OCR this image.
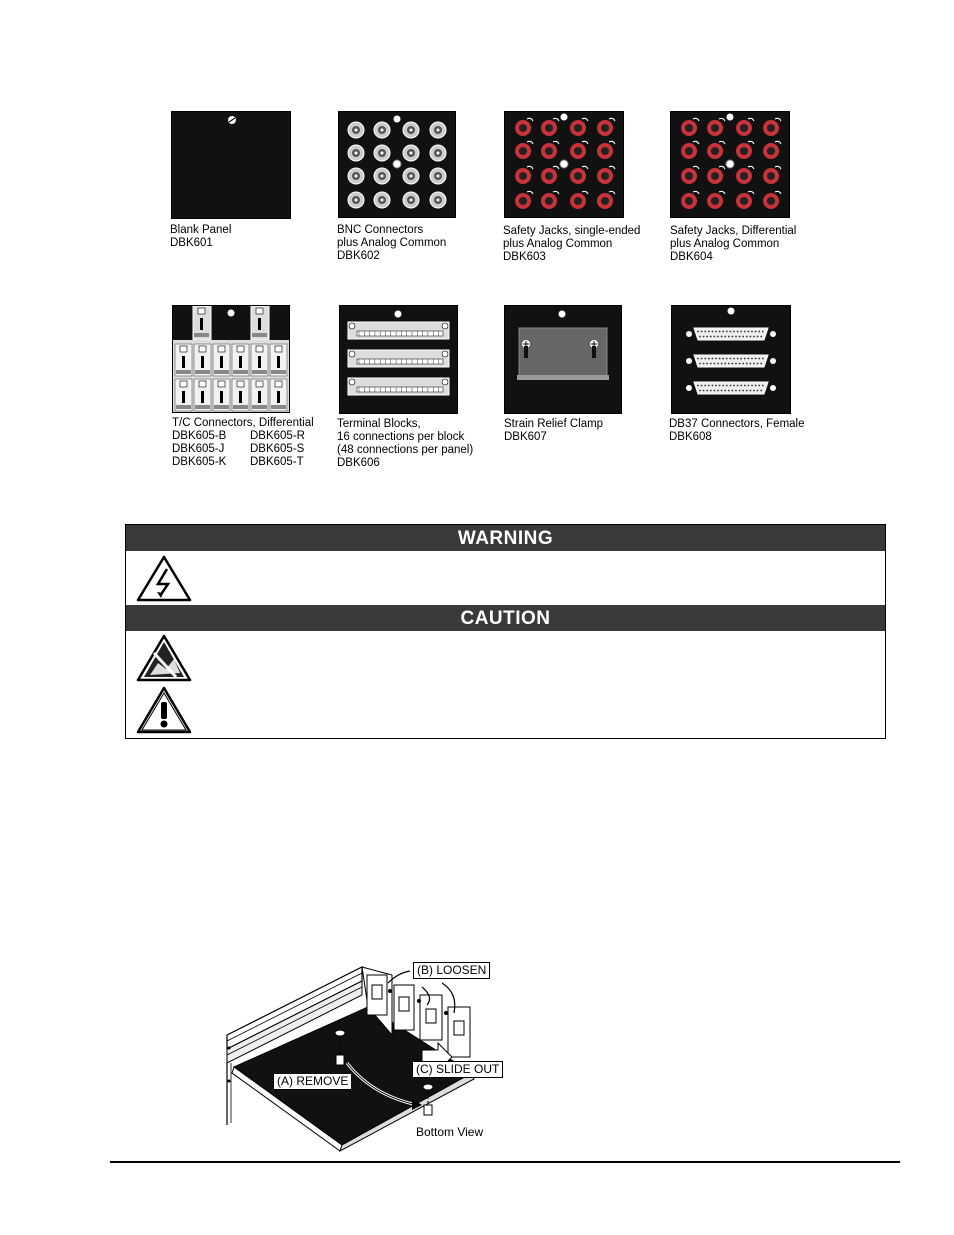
Blank Panel
DBK601
BNC Connectors
plus Analog Common
DBK602
Safety Jacks, single-ended
plus Analog Common
DBK603
Safety Jacks, Differential
plus Analog Common
DBK604
T/C Connectors, Differential
DBK605-B
DBK605-J
DBK605-K
DBK605-R
DBK605-S
DBK605-T
Terminal Blocks,
16 connections per block
(48 connections per panel)
DBK606
Strain Relief Clamp
DBK607
DB37 Connectors, Female
DBK608
WARNING
CAUTION
(B) LOOSEN
(A) REMOVE
(C) SLIDE OUT
Bottom View
